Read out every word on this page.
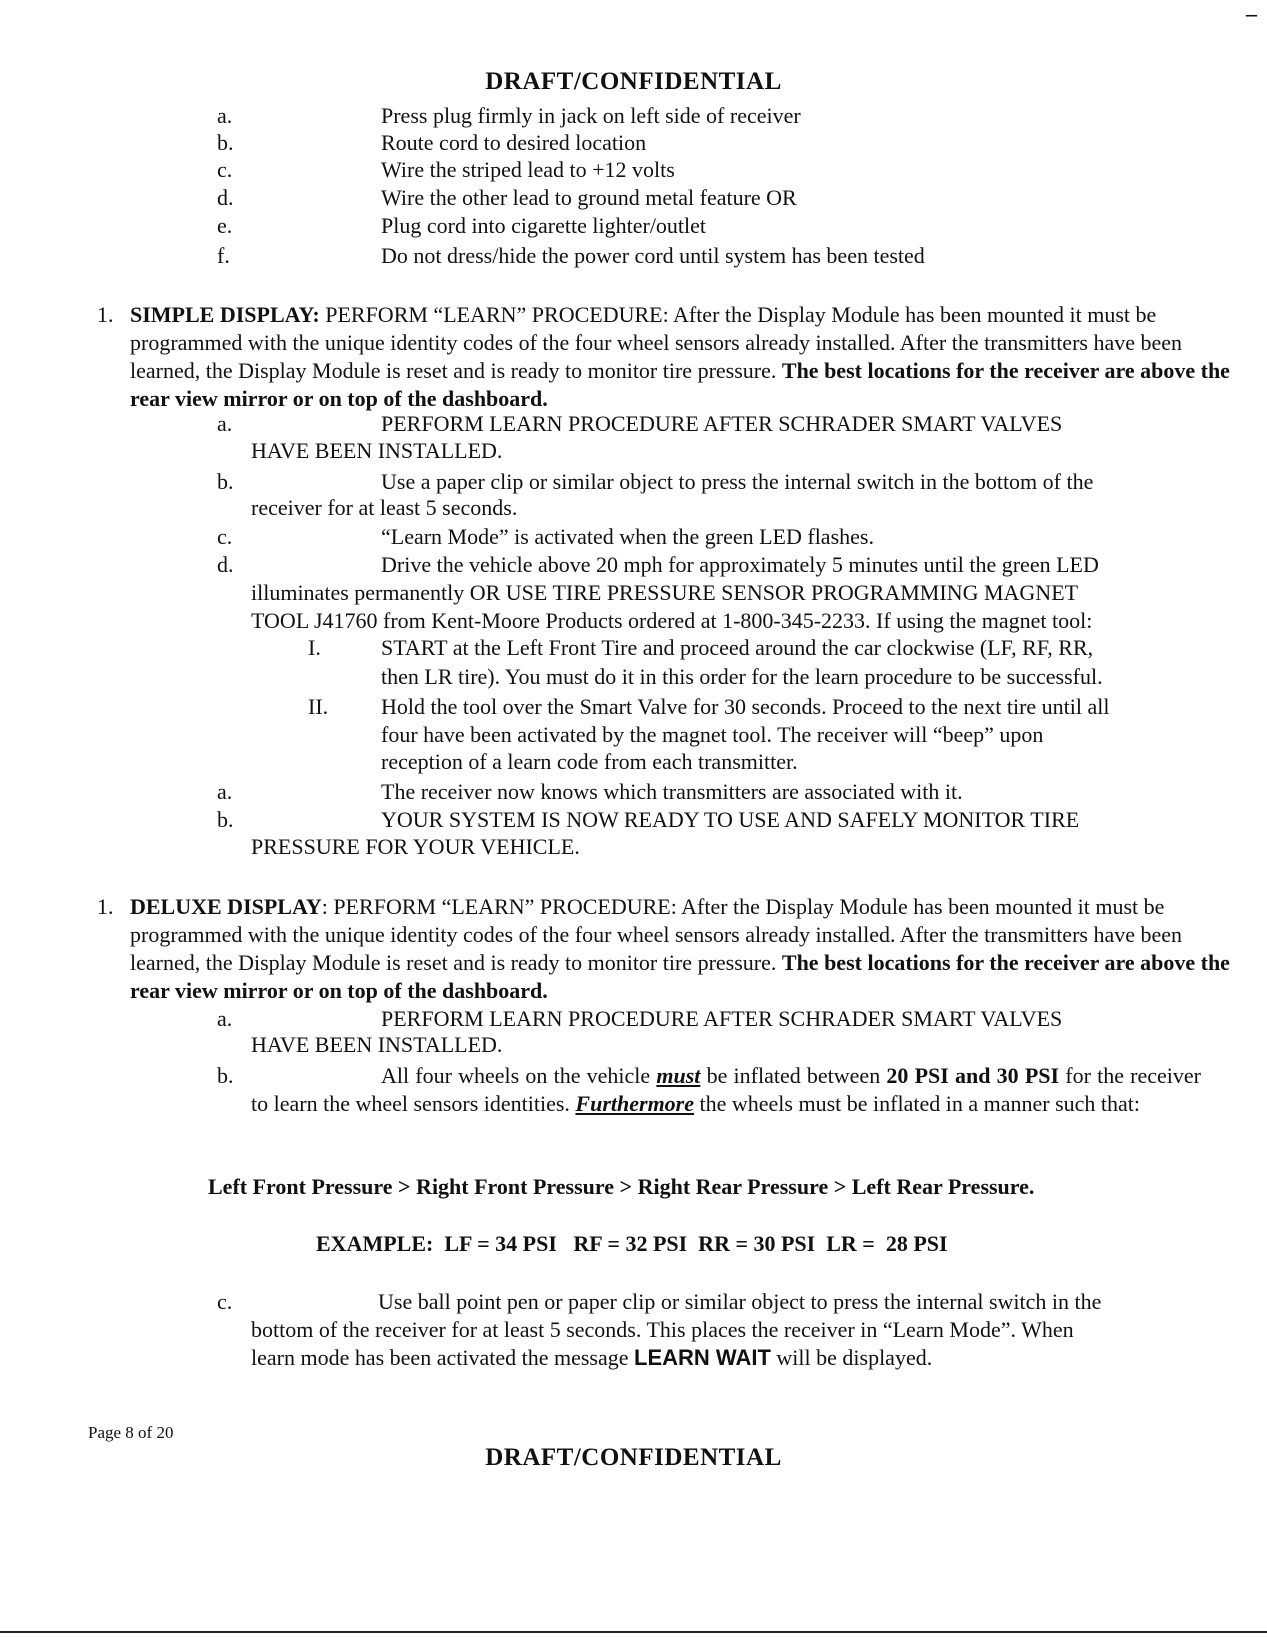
–
DRAFT/CONFIDENTIAL
a.	Press plug firmly in jack on left side of receiver
b.	Route cord to desired location
c.	Wire the striped lead to +12 volts
d.	Wire the other lead to ground metal feature OR
e.	Plug cord into cigarette lighter/outlet
f.	Do not dress/hide the power cord until system has been tested
1. SIMPLE DISPLAY: PERFORM “LEARN” PROCEDURE: After the Display Module has been mounted it must be programmed with the unique identity codes of the four wheel sensors already installed. After the transmitters have been learned, the Display Module is reset and is ready to monitor tire pressure. The best locations for the receiver are above the rear view mirror or on top of the dashboard.
a.	PERFORM LEARN PROCEDURE AFTER SCHRADER SMART VALVES
HAVE BEEN INSTALLED.
b.	Use a paper clip or similar object to press the internal switch in the bottom of the
receiver for at least 5 seconds.
c.	“Learn Mode” is activated when the green LED flashes.
d.	Drive the vehicle above 20 mph for approximately 5 minutes until the green LED
illuminates permanently OR USE TIRE PRESSURE SENSOR PROGRAMMING MAGNET
TOOL J41760 from Kent-Moore Products ordered at 1-800-345-2233. If using the magnet tool:
I.	START at the Left Front Tire and proceed around the car clockwise (LF, RF, RR,
then LR tire). You must do it in this order for the learn procedure to be successful.
II. Hold the tool over the Smart Valve for 30 seconds. Proceed to the next tire until all
four have been activated by the magnet tool. The receiver will “beep” upon
reception of a learn code from each transmitter.
a.	The receiver now knows which transmitters are associated with it.
b.	YOUR SYSTEM IS NOW READY TO USE AND SAFELY MONITOR TIRE
PRESSURE FOR YOUR VEHICLE.
1. DELUXE DISPLAY: PERFORM “LEARN” PROCEDURE: After the Display Module has been mounted it must be programmed with the unique identity codes of the four wheel sensors already installed. After the transmitters have been learned, the Display Module is reset and is ready to monitor tire pressure. The best locations for the receiver are above the rear view mirror or on top of the dashboard.
a.	PERFORM LEARN PROCEDURE AFTER SCHRADER SMART VALVES
HAVE BEEN INSTALLED.
b.	All four wheels on the vehicle must be inflated between 20 PSI and 30 PSI for the receiver to learn the wheel sensors identities. Furthermore the wheels must be inflated in a manner such that:
Left Front Pressure > Right Front Pressure > Right Rear Pressure > Left Rear Pressure.
EXAMPLE:  LF = 34 PSI   RF = 32 PSI  RR = 30 PSI  LR =  28 PSI
c.	Use ball point pen or paper clip or similar object to press the internal switch in the
bottom of the receiver for at least 5 seconds. This places the receiver in “Learn Mode”. When
learn mode has been activated the message LEARN WAIT will be displayed.
Page 8 of 20
DRAFT/CONFIDENTIAL
